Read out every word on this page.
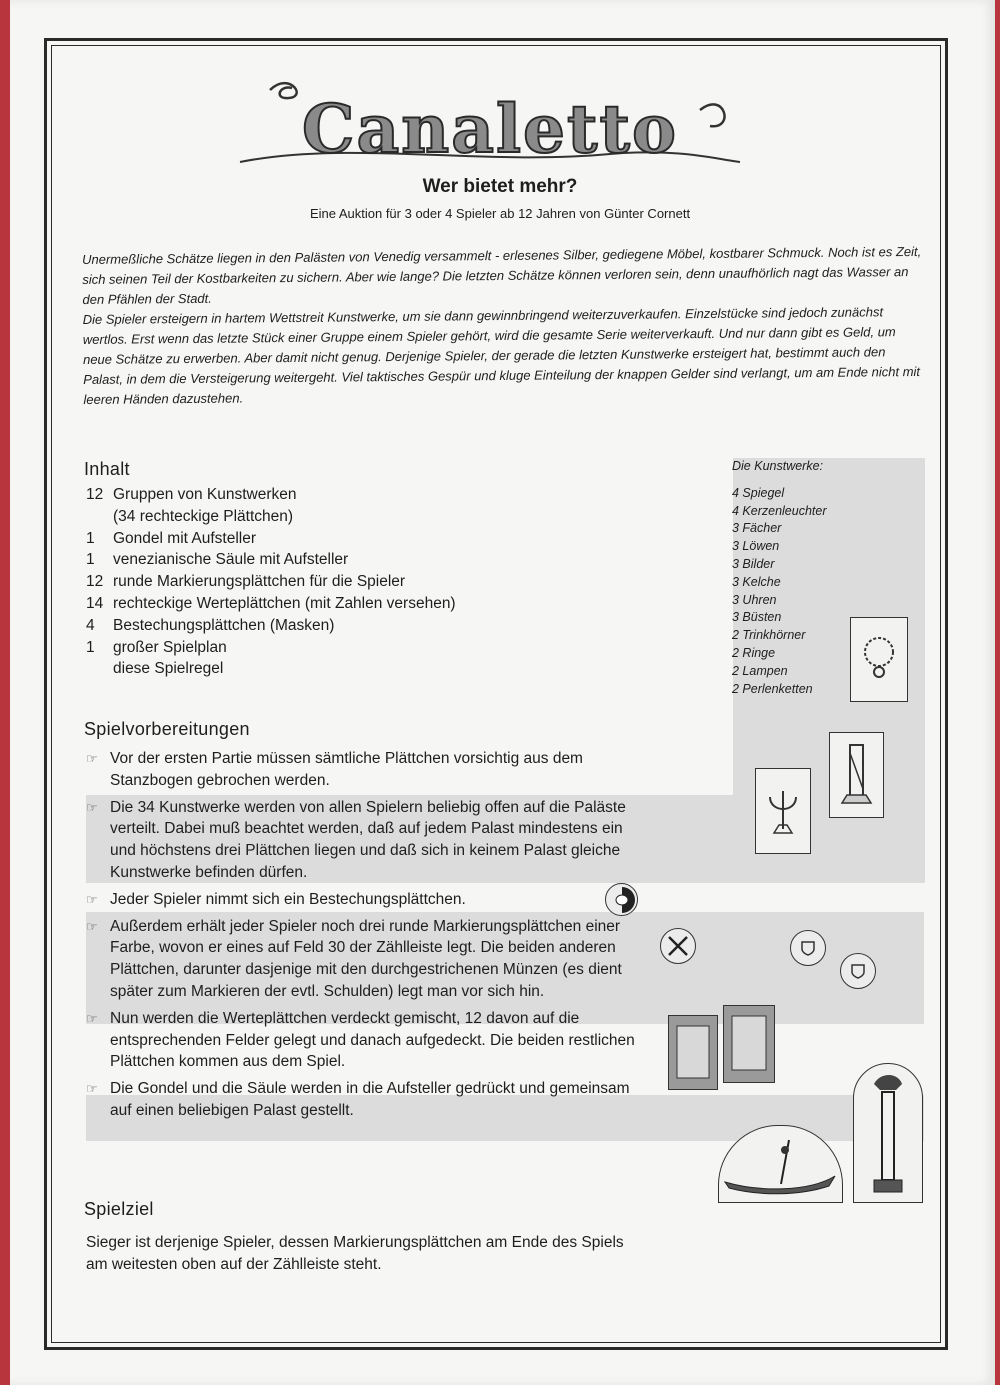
Canaletto
Wer bietet mehr?
Eine Auktion für 3 oder 4 Spieler ab 12 Jahren von Günter Cornett

Unermeßliche Schätze liegen in den Palästen von Venedig versammelt - erlesenes Silber, gediegene Möbel, kostbarer Schmuck. Noch ist es Zeit, sich seinen Teil der Kostbarkeiten zu sichern. Aber wie lange? Die letzten Schätze können verloren sein, denn unaufhörlich nagt das Wasser an den Pfählen der Stadt.

Die Spieler ersteigern in hartem Wettstreit Kunstwerke, um sie dann gewinnbringend weiterzuverkaufen. Einzelstücke sind jedoch zunächst wertlos. Erst wenn das letzte Stück einer Gruppe einem Spieler gehört, wird die gesamte Serie weiterverkauft. Und nur dann gibt es Geld, um neue Schätze zu erwerben. Aber damit nicht genug. Derjenige Spieler, der gerade die letzten Kunstwerke ersteigert hat, bestimmt auch den Palast, in dem die Versteigerung weitergeht. Viel taktisches Gespür und kluge Einteilung der knappen Gelder sind verlangt, um am Ende nicht mit leeren Händen dazustehen.

Inhalt
12 Gruppen von Kunstwerken
(34 rechteckige Plättchen)
1	Gondel mit Aufsteller
1	venezianische Säule mit Aufsteller
12 runde Markierungsplättchen für die Spieler
14 rechteckige Werteplättchen (mit Zahlen versehen)
4	Bestechungsplättchen (Masken)
1	großer Spielplan
diese Spielregel
Die Kunstwerke:
4 Spiegel
4 Kerzenleuchter
3 Fächer
3 Löwen
3 Bilder
3 Kelche
3 Uhren
3 Büsten
2 Trinkhörner
2 Ringe
2 Lampen
2 Perlenketten
Spielvorbereitungen
☞ Vor der ersten Partie müssen sämtliche Plättchen vorsichtig aus dem Stanzbogen gebrochen werden.
☞ Die 34 Kunstwerke werden von allen Spielern beliebig offen auf die Paläste verteilt. Dabei muß beachtet werden, daß auf jedem Palast mindestens ein und höchstens drei Plättchen liegen und daß sich in keinem Palast gleiche Kunstwerke befinden dürfen.
☞ Jeder Spieler nimmt sich ein Bestechungsplättchen.
☞ Außerdem erhält jeder Spieler noch drei runde Markierungsplättchen einer Farbe, wovon er eines auf Feld 30 der Zählleiste legt. Die beiden anderen Plättchen, darunter dasjenige mit den durchgestrichenen Münzen (es dient später zum Markieren der evtl. Schulden) legt man vor sich hin.
☞ Nun werden die Werteplättchen verdeckt gemischt, 12 davon auf die entsprechenden Felder gelegt und danach aufgedeckt. Die beiden restlichen Plättchen kommen aus dem Spiel.
☞ Die Gondel und die Säule werden in die Aufsteller gedrückt und gemeinsam auf einen beliebigen Palast gestellt.
Spielziel
Sieger ist derjenige Spieler, dessen Markierungsplättchen am Ende des Spiels am weitesten oben auf der Zählleiste steht.
